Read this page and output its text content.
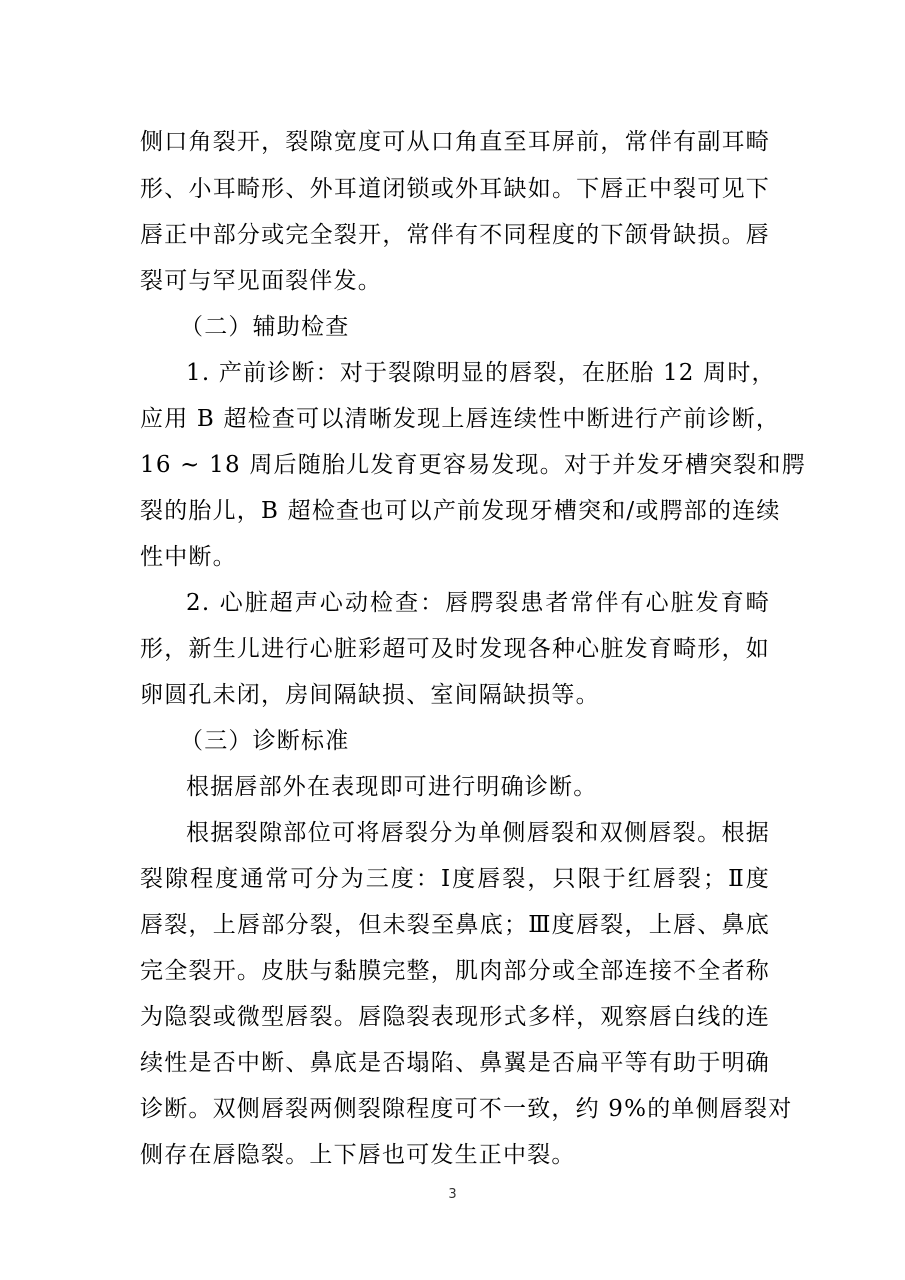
侧口角裂开，裂隙宽度可从口角直至耳屏前，常伴有副耳畸
形、小耳畸形、外耳道闭锁或外耳缺如。下唇正中裂可见下
唇正中部分或完全裂开，常伴有不同程度的下颌骨缺损。唇
裂可与罕见面裂伴发。
（二）辅助检查
1. 产前诊断：对于裂隙明显的唇裂，在胚胎 12 周时，
应用 B 超检查可以清晰发现上唇连续性中断进行产前诊断，
16 ~ 18 周后随胎儿发育更容易发现。对于并发牙槽突裂和腭
裂的胎儿，B 超检查也可以产前发现牙槽突和/或腭部的连续
性中断。
2. 心脏超声心动检查：唇腭裂患者常伴有心脏发育畸
形，新生儿进行心脏彩超可及时发现各种心脏发育畸形，如
卵圆孔未闭，房间隔缺损、室间隔缺损等。
（三）诊断标准
根据唇部外在表现即可进行明确诊断。
根据裂隙部位可将唇裂分为单侧唇裂和双侧唇裂。根据
裂隙程度通常可分为三度：Ⅰ度唇裂，只限于红唇裂；Ⅱ度
唇裂，上唇部分裂，但未裂至鼻底；Ⅲ度唇裂，上唇、鼻底
完全裂开。皮肤与黏膜完整，肌肉部分或全部连接不全者称
为隐裂或微型唇裂。唇隐裂表现形式多样，观察唇白线的连
续性是否中断、鼻底是否塌陷、鼻翼是否扁平等有助于明确
诊断。双侧唇裂两侧裂隙程度可不一致，约 9%的单侧唇裂对
侧存在唇隐裂。上下唇也可发生正中裂。
3
